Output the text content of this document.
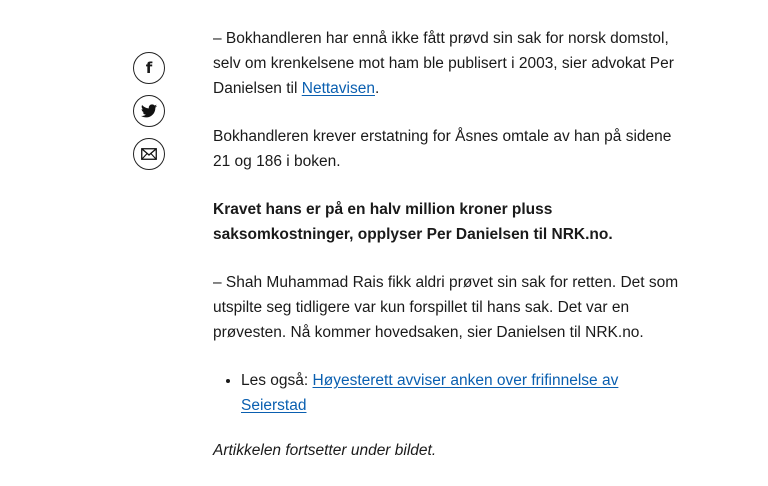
f

– Bokhandleren har ennå ikke fått prøvd sin sak for norsk domstol, selv om krenkelsene mot ham ble publisert i 2003, sier advokat Per Danielsen til Nettavisen.

Bokhandleren krever erstatning for Åsnes omtale av han på sidene 21 og 186 i boken.

Kravet hans er på en halv million kroner pluss saksomkostninger, opplyser Per Danielsen til NRK.no.

– Shah Muhammad Rais fikk aldri prøvet sin sak for retten. Det som utspilte seg tidligere var kun forspillet til hans sak. Det var en prøvesten. Nå kommer hovedsaken, sier Danielsen til NRK.no.

• Les også: Høyesterett avviser anken over frifinnelse av Seierstad

Artikkelen fortsetter under bildet.
